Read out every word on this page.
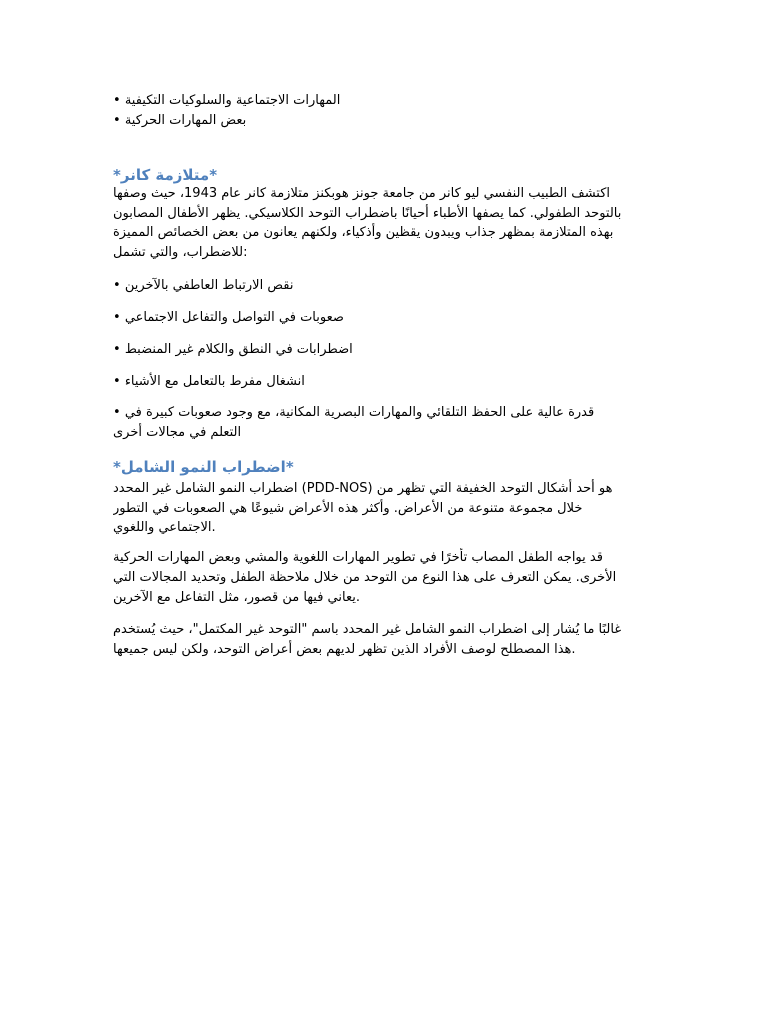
• المهارات الاجتماعية والسلوكيات التكيفية
• بعض المهارات الحركية
*متلازمة كانر*
اكتشف الطبيب النفسي ليو كانر من جامعة جونز هوبكنز متلازمة كانر عام 1943، حيث وصفها
بالتوحد الطفولي. كما يصفها الأطباء أحيانًا باضطراب التوحد الكلاسيكي. يظهر الأطفال المصابون
بهذه المتلازمة بمظهر جذاب ويبدون يقظين وأذكياء، ولكنهم يعانون من بعض الخصائص المميزة
للاضطراب، والتي تشمل:
• نقص الارتباط العاطفي بالآخرين
• صعوبات في التواصل والتفاعل الاجتماعي
• اضطرابات في النطق والكلام غير المنضبط
• انشغال مفرط بالتعامل مع الأشياء
• قدرة عالية على الحفظ التلقائي والمهارات البصرية المكانية، مع وجود صعوبات كبيرة في
التعلم في مجالات أخرى
*اضطراب النمو الشامل*
اضطراب النمو الشامل غير المحدد (PDD-NOS) هو أحد أشكال التوحد الخفيفة التي تظهر من
خلال مجموعة متنوعة من الأعراض. وأكثر هذه الأعراض شيوعًا هي الصعوبات في التطور
الاجتماعي واللغوي.
قد يواجه الطفل المصاب تأخرًا في تطوير المهارات اللغوية والمشي وبعض المهارات الحركية
الأخرى. يمكن التعرف على هذا النوع من التوحد من خلال ملاحظة الطفل وتحديد المجالات التي
يعاني فيها من قصور، مثل التفاعل مع الآخرين.
غالبًا ما يُشار إلى اضطراب النمو الشامل غير المحدد باسم "التوحد غير المكتمل"، حيث يُستخدم
هذا المصطلح لوصف الأفراد الذين تظهر لديهم بعض أعراض التوحد، ولكن ليس جميعها.
